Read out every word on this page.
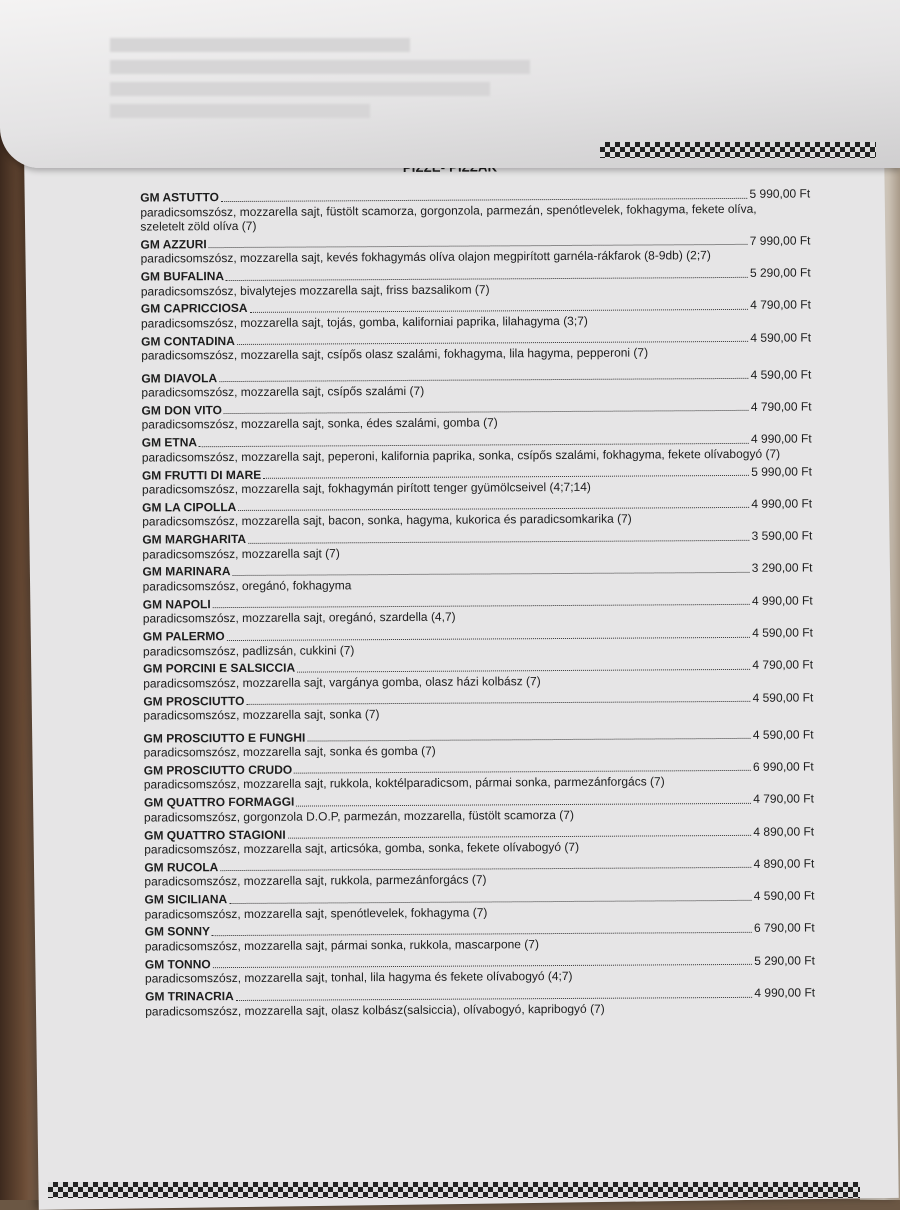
GM ASTUTTO	5 990,00 Ft
paradicsomszósz, mozzarella sajt, füstölt scamorza, gorgonzola, parmezán, spenótlevelek, fokhagyma, fekete olíva, szeletelt zöld olíva (7)
GM AZZURI	7 990,00 Ft
paradicsomszósz, mozzarella sajt, kevés fokhagymás olíva olajon megpirított garnéla-rákfarok (8-9db) (2;7)
GM BUFALINA	5 290,00 Ft
paradicsomszósz, bivalytejes mozzarella sajt, friss bazsalikom (7)
GM CAPRICCIOSA	4 790,00 Ft
paradicsomszósz, mozzarella sajt, tojás, gomba, kaliforniai paprika, lilahagyma (3;7)
GM CONTADINA	4 590,00 Ft
paradicsomszósz, mozzarella sajt, csípős olasz szalámi, fokhagyma, lila hagyma, pepperoni (7)
GM DIAVOLA	4 590,00 Ft
paradicsomszósz, mozzarella sajt, csípős szalámi (7)
GM DON VITO	4 790,00 Ft
paradicsomszósz, mozzarella sajt, sonka, édes szalámi, gomba (7)
GM ETNA	4 990,00 Ft
paradicsomszósz, mozzarella sajt, peperoni, kalifornia paprika, sonka, csípős szalámi, fokhagyma, fekete olívabogyó (7)
GM FRUTTI DI MARE	5 990,00 Ft
paradicsomszósz, mozzarella sajt, fokhagymán pirított tenger gyümölcseivel (4;7;14)
GM LA CIPOLLA	4 990,00 Ft
paradicsomszósz, mozzarella sajt, bacon, sonka, hagyma, kukorica és paradicsomkarika (7)
GM MARGHARITA	3 590,00 Ft
paradicsomszósz, mozzarella sajt (7)
GM MARINARA	3 290,00 Ft
paradicsomszósz, oregánó, fokhagyma
GM NAPOLI	4 990,00 Ft
paradicsomszósz, mozzarella sajt, oregánó, szardella (4,7)
GM PALERMO	4 590,00 Ft
paradicsomszósz, padlizsán, cukkini (7)
GM PORCINI E SALSICCIA	4 790,00 Ft
paradicsomszósz, mozzarella sajt, vargánya gomba, olasz házi kolbász (7)
GM PROSCIUTTO	4 590,00 Ft
paradicsomszósz, mozzarella sajt, sonka (7)
GM PROSCIUTTO E FUNGHI	4 590,00 Ft
paradicsomszósz, mozzarella sajt, sonka és gomba (7)
GM PROSCIUTTO CRUDO	6 990,00 Ft
paradicsomszósz, mozzarella sajt, rukkola, koktélparadicsom, pármai sonka, parmezánforgács (7)
GM QUATTRO FORMAGGI	4 790,00 Ft
paradicsomszósz, gorgonzola D.O.P, parmezán, mozzarella, füstölt scamorza (7)
GM QUATTRO STAGIONI	4 890,00 Ft
paradicsomszósz, mozzarella sajt, articsóka, gomba, sonka, fekete olívabogyó (7)
GM RUCOLA	4 890,00 Ft
paradicsomszósz, mozzarella sajt, rukkola, parmezánforgács (7)
GM SICILIANA	4 590,00 Ft
paradicsomszósz, mozzarella sajt, spenótlevelek, fokhagyma (7)
GM SONNY	6 790,00 Ft
paradicsomszósz, mozzarella sajt, pármai sonka, rukkola, mascarpone (7)
GM TONNO	5 290,00 Ft
paradicsomszósz, mozzarella sajt, tonhal, lila hagyma és fekete olívabogyó (4;7)
GM TRINACRIA	4 990,00 Ft
paradicsomszósz, mozzarella sajt, olasz kolbász(salsiccia), olívabogyó, kapribogyó (7)
